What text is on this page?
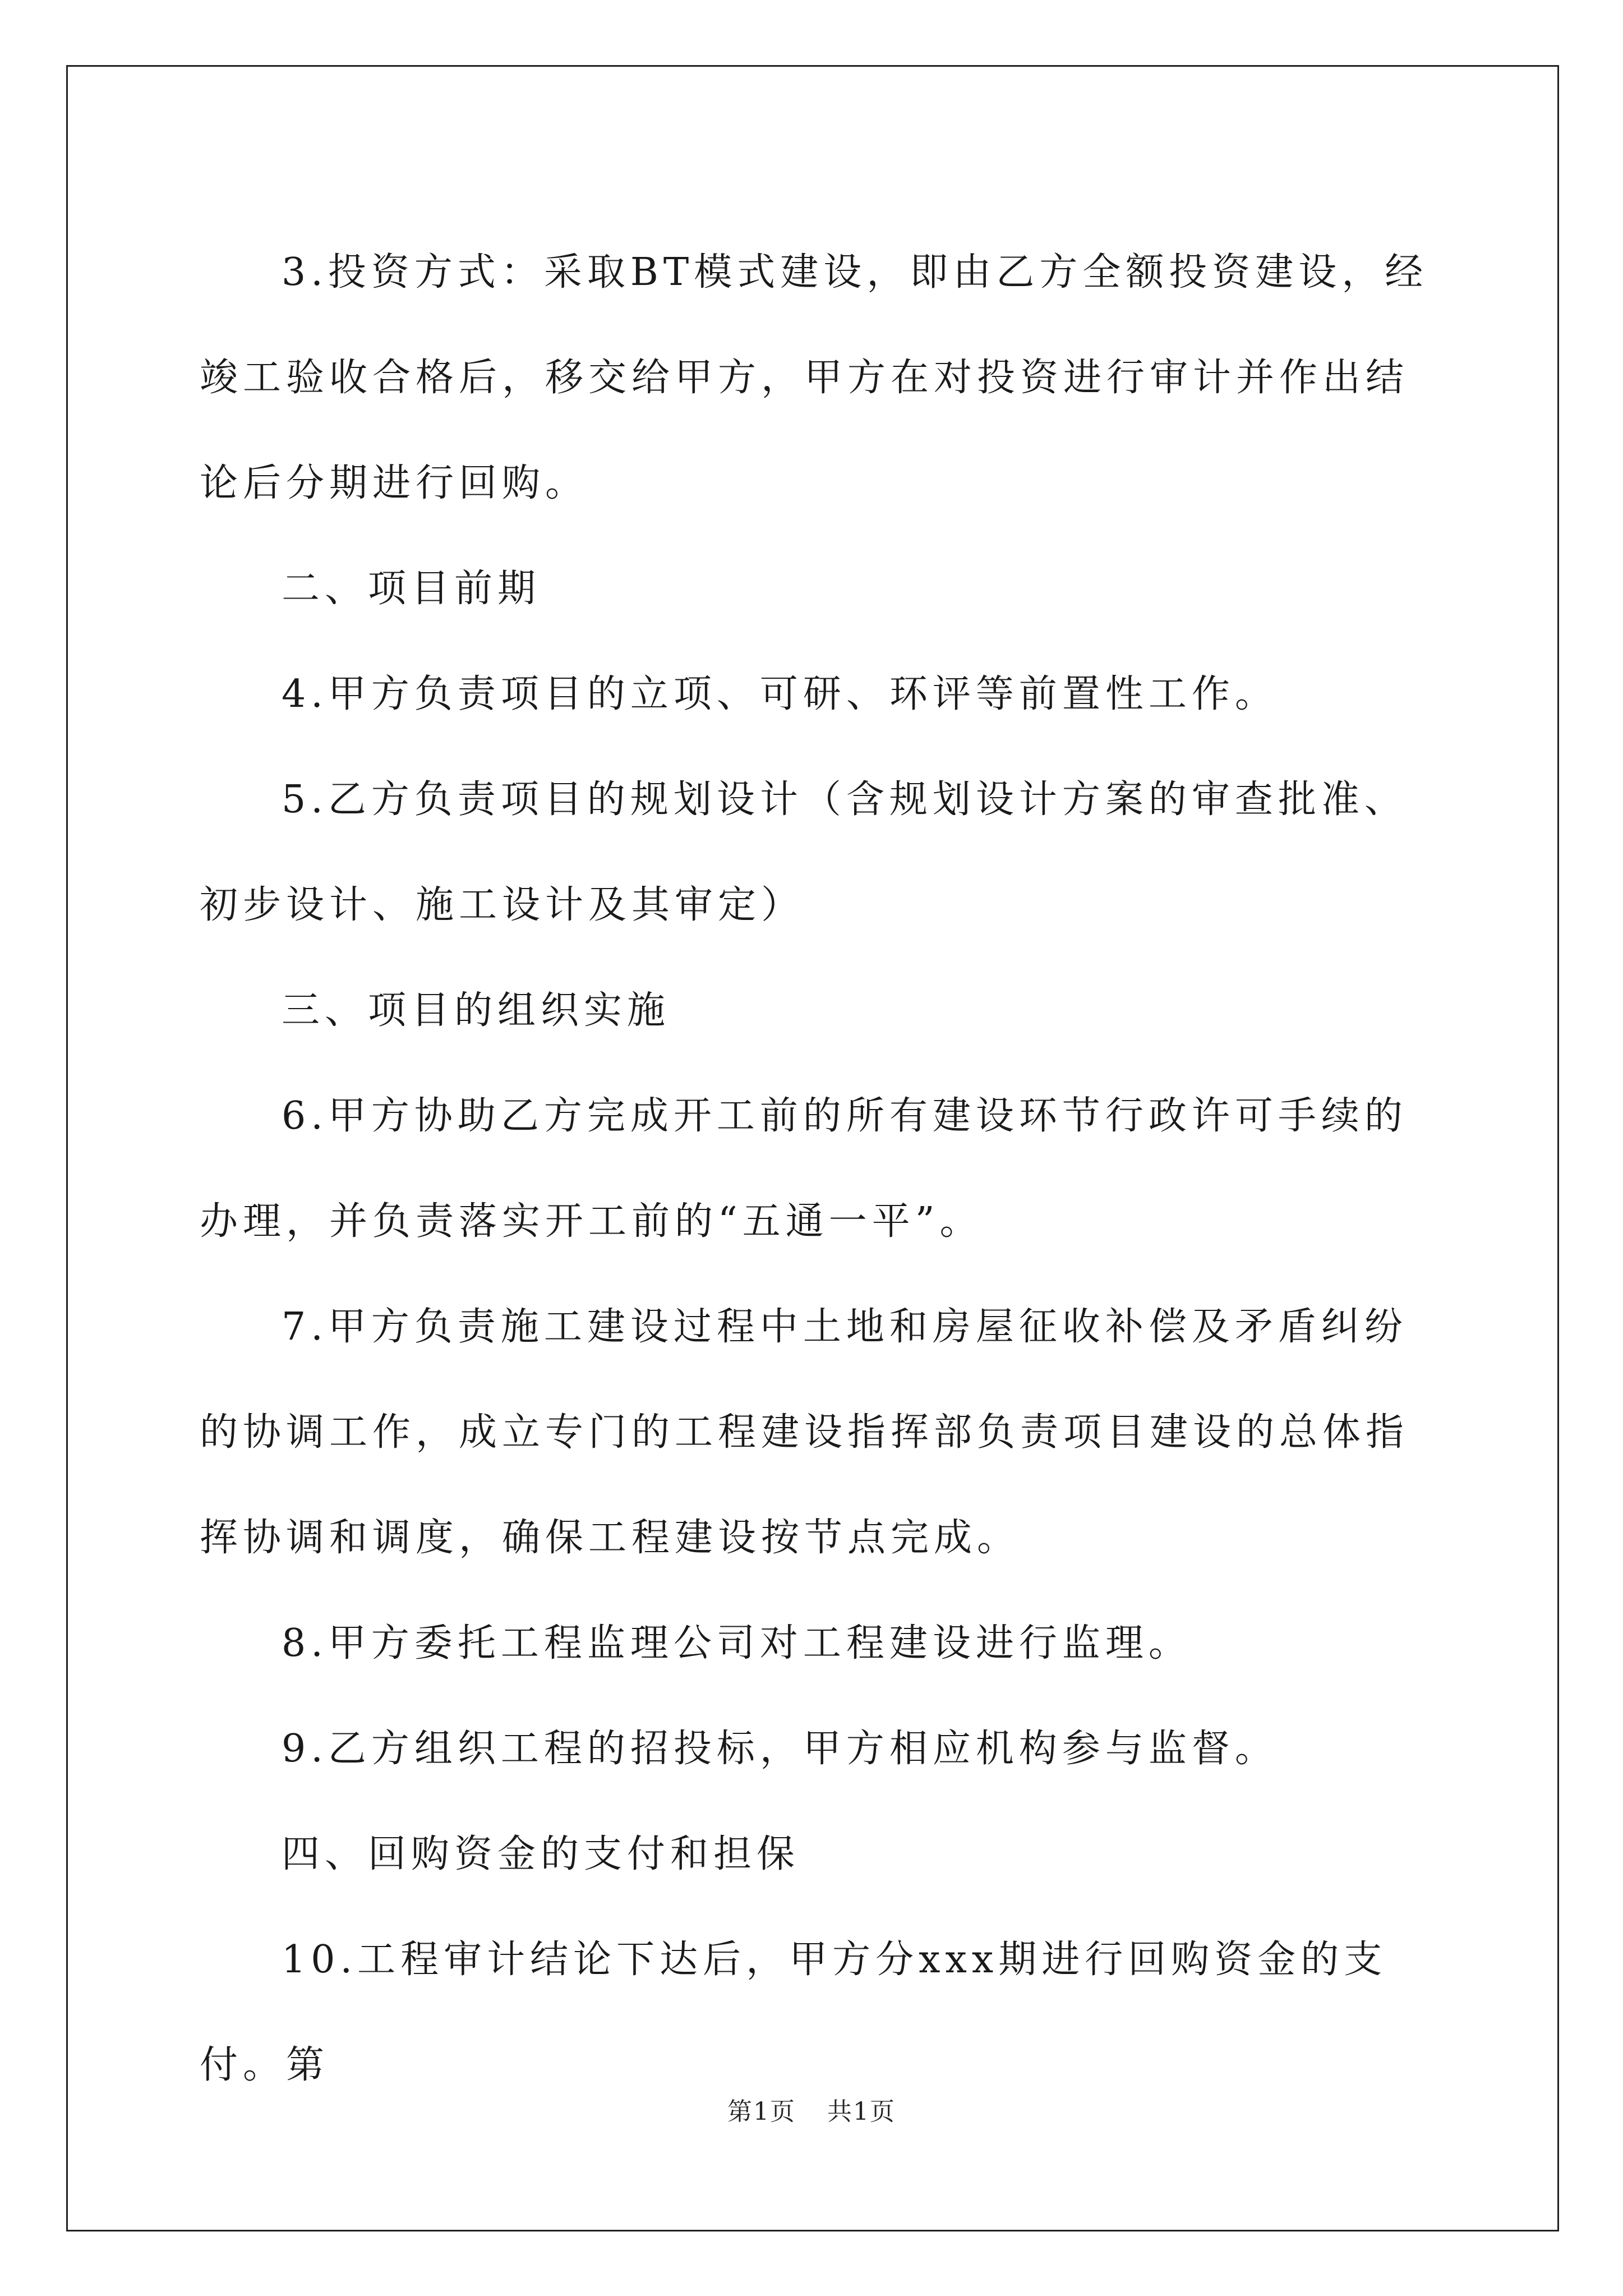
3.投资方式：采取BT模式建设，即由乙方全额投资建设，经竣工验收合格后，移交给甲方，甲方在对投资进行审计并作出结论后分期进行回购。

二、项目前期

4.甲方负责项目的立项、可研、环评等前置性工作。

5.乙方负责项目的规划设计（含规划设计方案的审查批准、初步设计、施工设计及其审定）

三、项目的组织实施

6.甲方协助乙方完成开工前的所有建设环节行政许可手续的办理，并负责落实开工前的“五通一平”。

7.甲方负责施工建设过程中土地和房屋征收补偿及矛盾纠纷的协调工作，成立专门的工程建设指挥部负责项目建设的总体指挥协调和调度，确保工程建设按节点完成。

8.甲方委托工程监理公司对工程建设进行监理。

9.乙方组织工程的招投标，甲方相应机构参与监督。

四、回购资金的支付和担保

10.工程审计结论下达后，甲方分xxx期进行回购资金的支付。第

第1页 共1页
